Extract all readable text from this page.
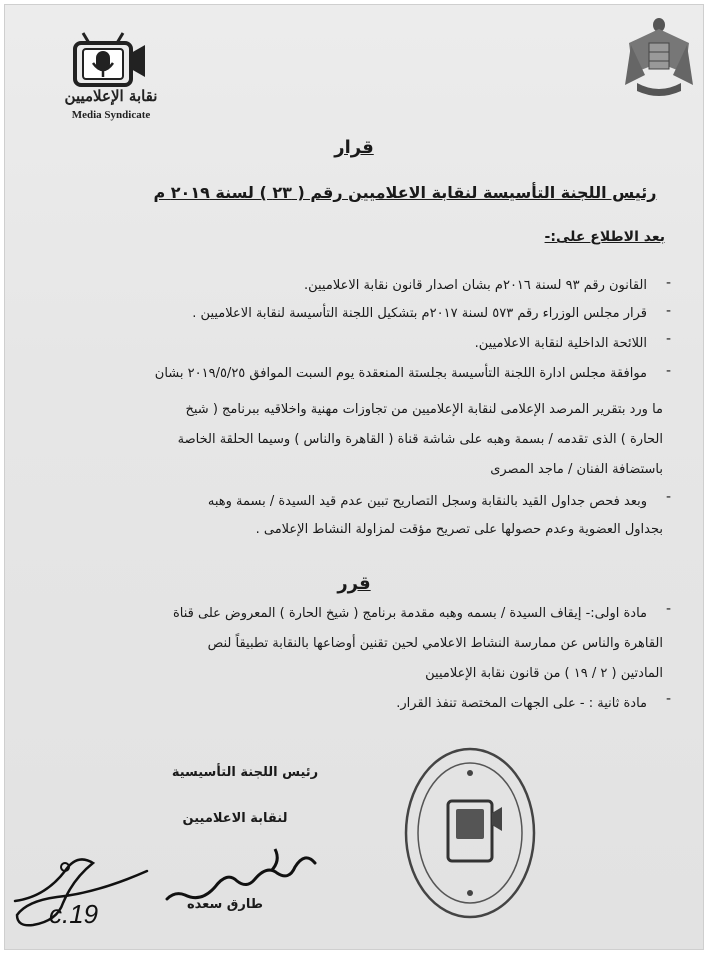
نقابة الإعلاميين
Media Syndicate
قرار
رئيس اللجنة التأسيسة لنقابة الاعلاميين رقم ( ٢٣ ) لسنة ٢٠١٩ م
بعد الاطلاع على:-
-
القانون رقم ٩٣ لسنة ٢٠١٦م بشان اصدار قانون نقابة الاعلاميين.
-
قرار مجلس الوزراء رقم ٥٧٣ لسنة ٢٠١٧م بتشكيل اللجنة التأسيسة لنقابة الاعلاميين .
-
اللائحة الداخلية لنقابة الاعلاميين.
-
موافقة مجلس ادارة اللجنة التأسيسة بجلستة المنعقدة يوم السبت الموافق ٢٠١٩/٥/٢٥ بشان
ما ورد بتقرير المرصد الإعلامى لنقابة الإعلاميين من تجاوزات مهنية واخلاقيه ببرنامج ( شيخ
الحارة ) الذى تقدمه / بسمة وهبه على شاشة قناة ( القاهرة والناس ) وسيما الحلقة الخاصة
باستضافة الفنان / ماجد المصرى
-
وبعد فحص جداول القيد بالنقابة وسجل التصاريح تبين عدم قيد السيدة / بسمة وهبه
بجداول العضوية وعدم حصولها على تصريح مؤقت لمزاولة النشاط الإعلامى .
قرر
-
مادة اولى:- إيقاف السيدة / بسمه وهبه مقدمة برنامج ( شيخ الحارة ) المعروض على قناة
القاهرة والناس عن ممارسة النشاط الاعلامي لحين تقنين أوضاعها بالنقابة تطبيقاً لنص
المادتين ( ٢ / ١٩ ) من قانون نقابة الإعلاميين
-
مادة ثانية : - على الجهات المختصة تنفذ القرار.
رئيس اللجنة التأسيسية
لنقابة الاعلاميين
طارق سعده
c.19
